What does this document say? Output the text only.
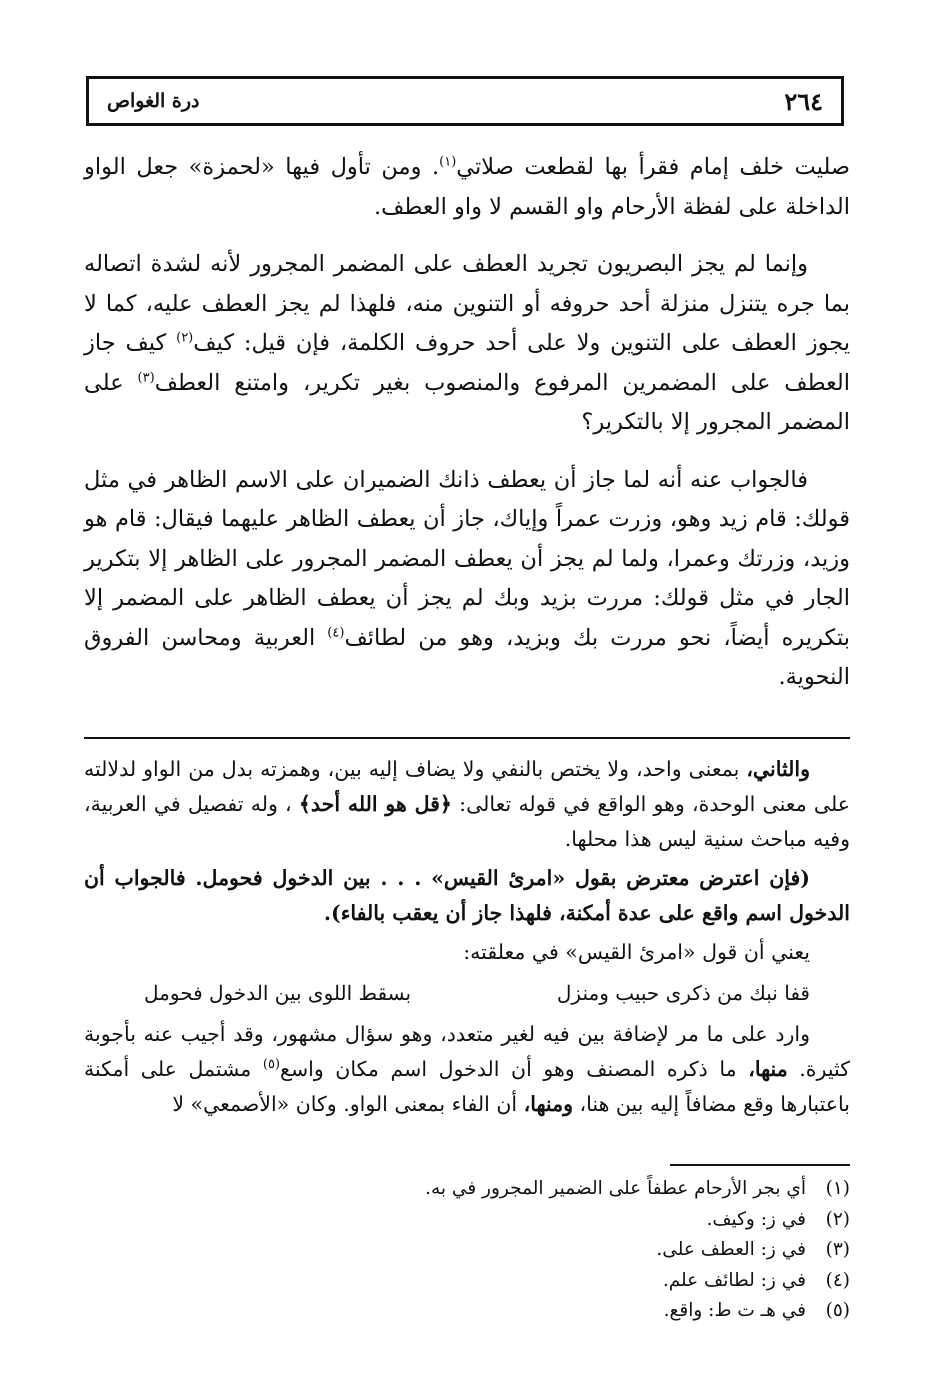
٢٦٤
درة الغواص

صليت خلف إمام فقرأ بها لقطعت صلاتي$^{(١)}$. ومن تأول فيها «لحمزة» جعل الواو الداخلة على لفظة الأرحام واو القسم لا واو العطف.

وإنما لم يجز البصريون تجريد العطف على المضمر المجرور لأنه لشدة اتصاله بما جره يتنزل منزلة أحد حروفه أو التنوين منه، فلهذا لم يجز العطف عليه، كما لا يجوز العطف على التنوين ولا على أحد حروف الكلمة، فإن قيل: كيف$^{(٢)}$ كيف جاز العطف على المضمرين المرفوع والمنصوب بغير تكرير، وامتنع العطف$^{(٣)}$ على المضمر المجرور إلا بالتكرير؟

فالجواب عنه أنه لما جاز أن يعطف ذانك الضميران على الاسم الظاهر في مثل قولك: قام زيد وهو، وزرت عمراً وإياك، جاز أن يعطف الظاهر عليهما فيقال: قام هو وزيد، وزرتك وعمرا، ولما لم يجز أن يعطف المضمر المجرور على الظاهر إلا بتكرير الجار في مثل قولك: مررت بزيد وبك لم يجز أن يعطف الظاهر على المضمر إلا بتكريره أيضاً، نحو مررت بك وبزيد، وهو من لطائف$^{(٤)}$ العربية ومحاسن الفروق النحوية.

والثاني، بمعنى واحد، ولا يختص بالنفي ولا يضاف إليه بين، وهمزته بدل من الواو لدلالته على معنى الوحدة، وهو الواقع في قوله تعالى: ﴿قل هو الله أحد﴾ ، وله تفصيل في العربية، وفيه مباحث سنية ليس هذا محلها.

(فإن اعترض معترض بقول «امرئ القيس» . . . بين الدخول فحومل. فالجواب أن الدخول اسم واقع على عدة أمكنة، فلهذا جاز أن يعقب بالفاء).

يعني أن قول «امرئ القيس» في معلقته:

قفا نبك من ذكرى حبيب ومنزل
بسقط اللوى بين الدخول فحومل

وارد على ما مر لإضافة بين فيه لغير متعدد، وهو سؤال مشهور، وقد أجيب عنه بأجوبة كثيرة. منها، ما ذكره المصنف وهو أن الدخول اسم مكان واسع$^{(٥)}$ مشتمل على أمكنة باعتبارها وقع مضافاً إليه بين هنا، ومنها، أن الفاء بمعنى الواو. وكان «الأصمعي» لا

(١)
أي بجر الأرحام عطفاً على الضمير المجرور في به.
(٢)
في ز: وكيف.
(٣)
في ز: العطف على.
(٤)
في ز: لطائف علم.
(٥)
في هـ ت ط: واقع.
